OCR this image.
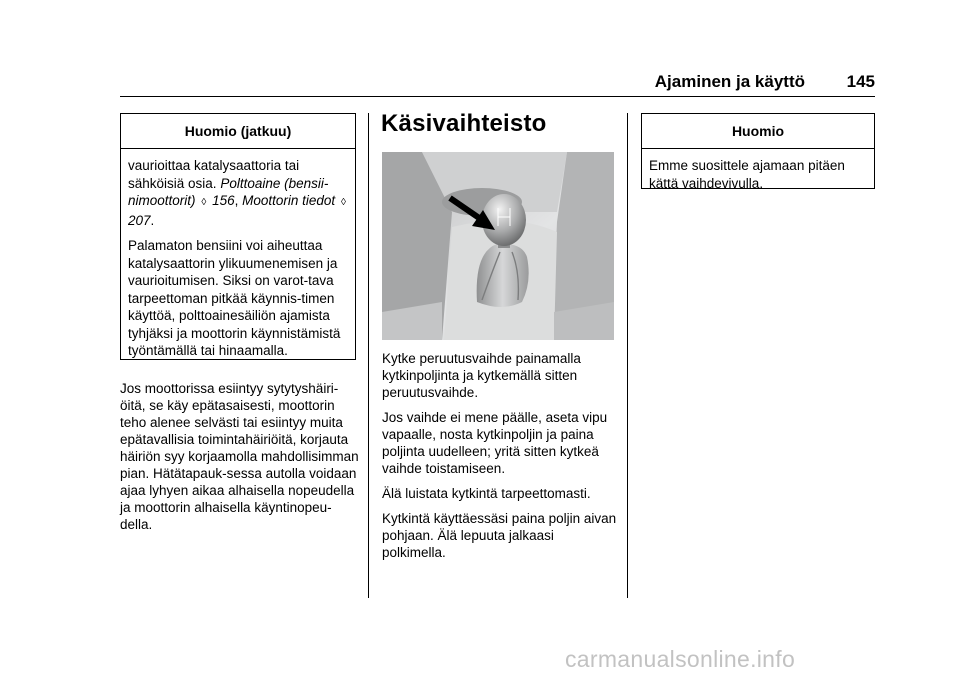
Ajaminen ja käyttö 145
Huomio (jatkuu)

vaurioittaa katalysaattoria tai sähköisiä osia. Polttoaine (bensii-nimoottorit) ◊ 156, Moottorin tiedot ◊ 207.

Palamaton bensiini voi aiheuttaa katalysaattorin ylikuumenemisen ja vaurioitumisen. Siksi on varot-tava tarpeettoman pitkää käynnis-timen käyttöä, polttoainesäiliön ajamista tyhjäksi ja moottorin käynnistämistä työntämällä tai hinaamalla.

Jos moottorissa esiintyy sytytyshäiri-öitä, se käy epätasaisesti, moottorin teho alenee selvästi tai esiintyy muita epätavallisia toimintahäiriöitä, korjauta häiriön syy korjaamolla mahdollisimman pian. Hätätapauk-sessa autolla voidaan ajaa lyhyen aikaa alhaisella nopeudella ja moottorin alhaisella käyntinopeu-della.
Käsivaihteisto

Kytke peruutusvaihde painamalla kytkinpoljinta ja kytkemällä sitten peruutusvaihde.

Jos vaihde ei mene päälle, aseta vipu vapaalle, nosta kytkinpoljin ja paina poljinta uudelleen; yritä sitten kytkeä vaihde toistamiseen.

Älä luistata kytkintä tarpeettomasti.

Kytkintä käyttäessäsi paina poljin aivan pohjaan. Älä lepuuta jalkaasi polkimella.

Huomio
Emme suosittele ajamaan pitäen kättä vaihdevivulla.
carmanualsonline.info
